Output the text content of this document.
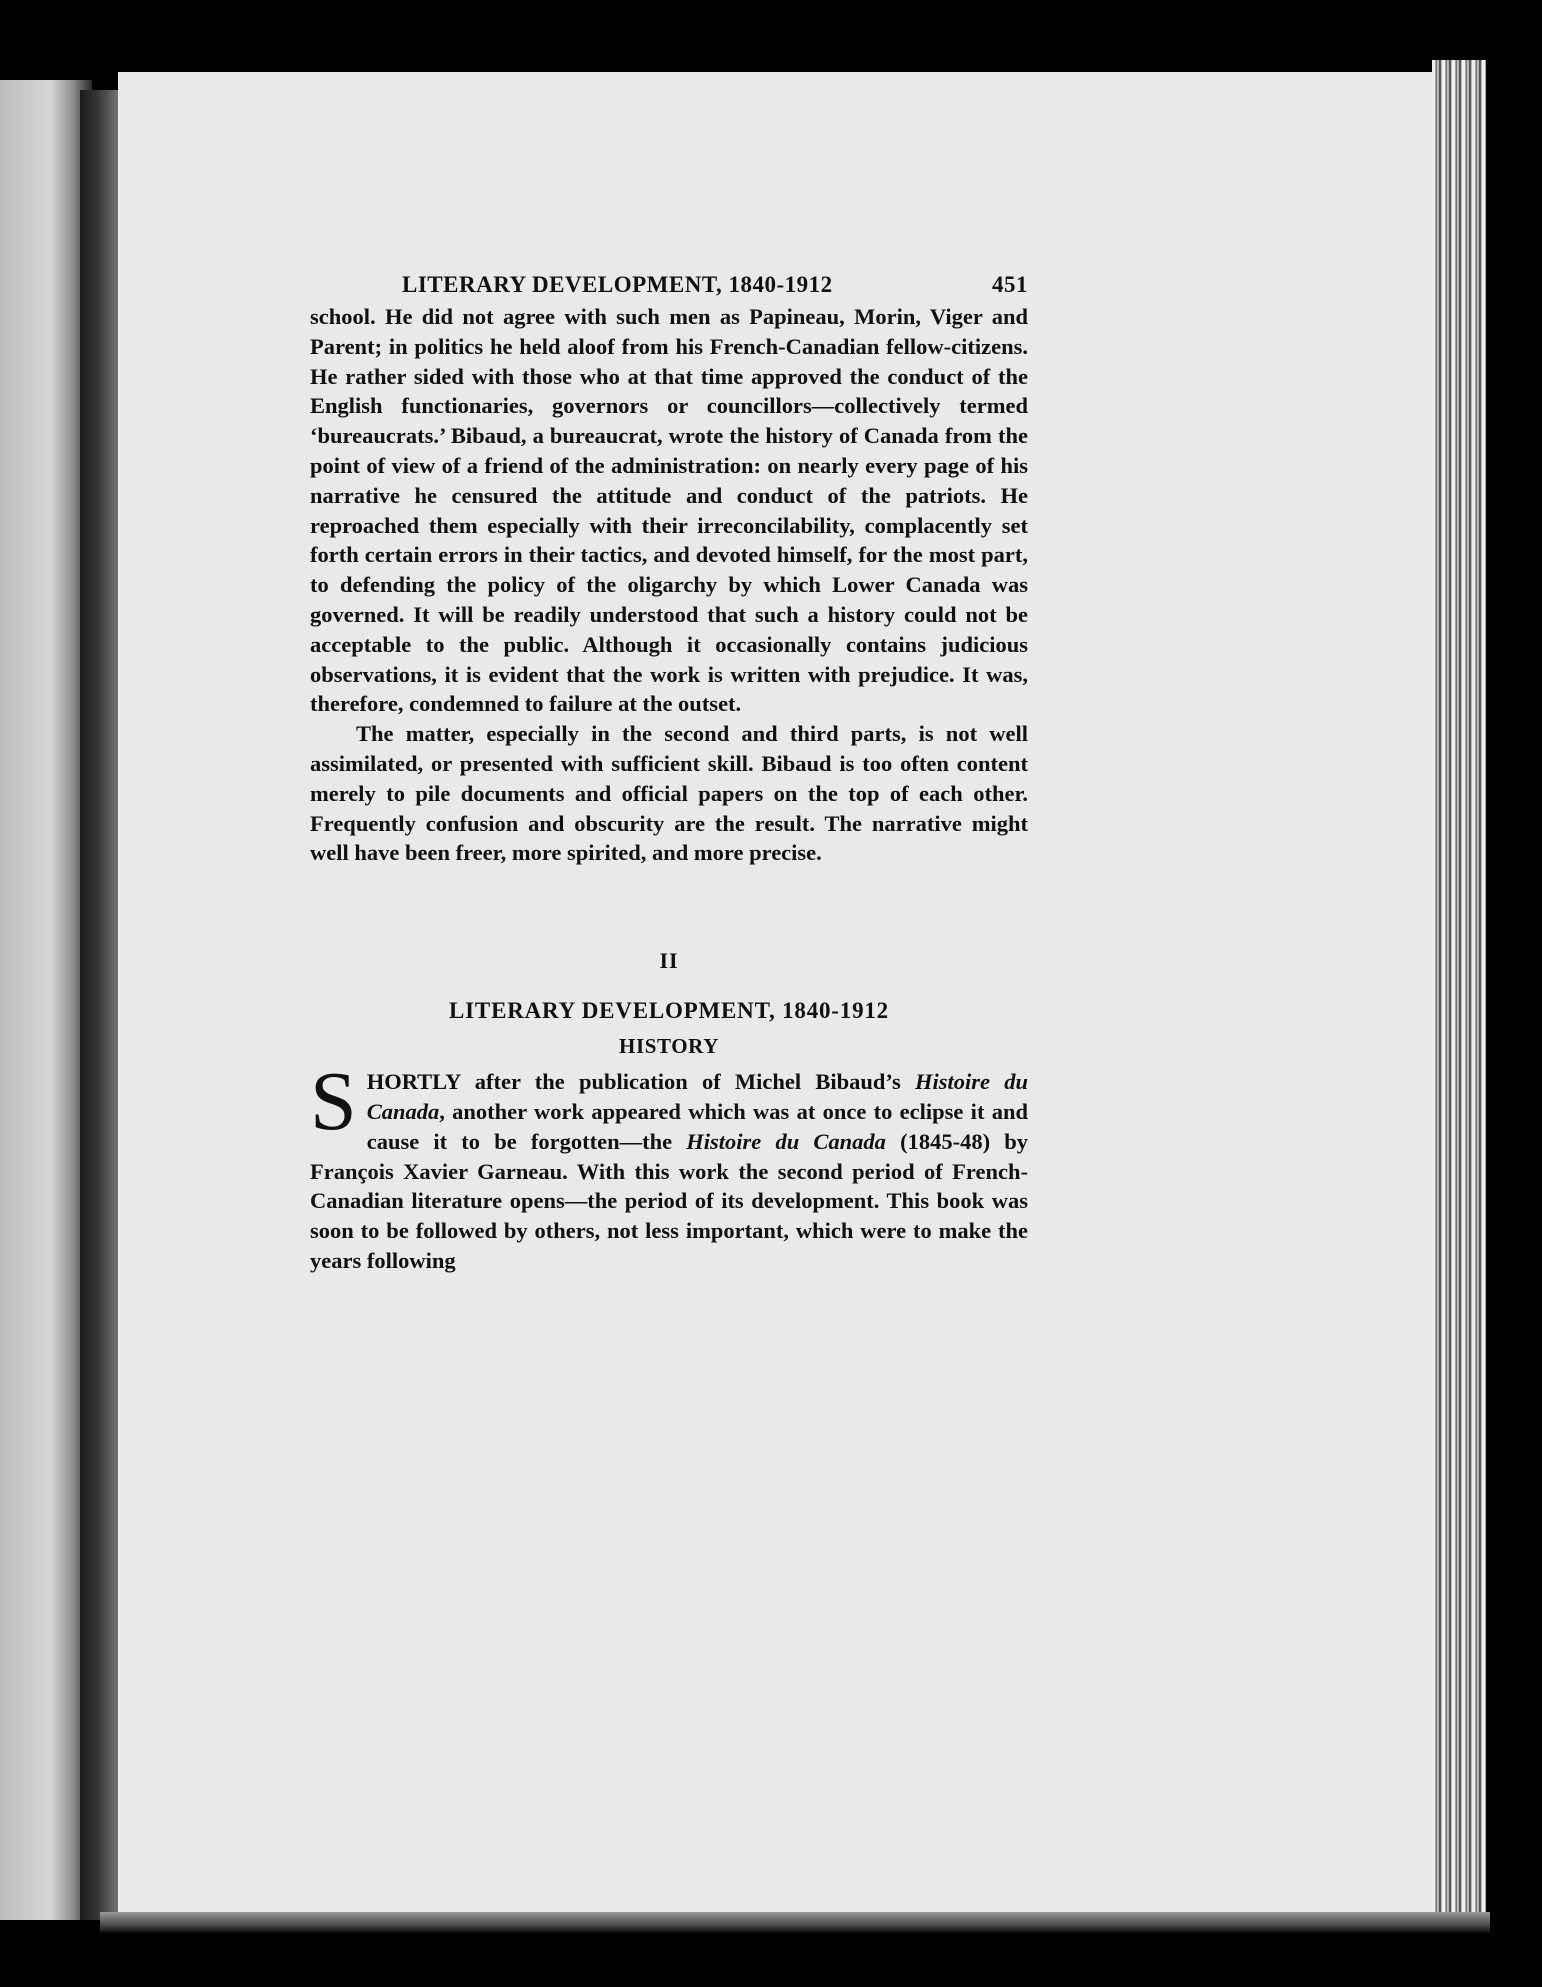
LITERARY DEVELOPMENT, 1840-1912	451

school. He did not agree with such men as Papineau, Morin, Viger and Parent; in politics he held aloof from his French-Canadian fellow-citizens. He rather sided with those who at that time approved the conduct of the English functionaries, governors or councillors—collectively termed ‘bureaucrats.’ Bibaud, a bureaucrat, wrote the history of Canada from the point of view of a friend of the administration: on nearly every page of his narrative he censured the attitude and conduct of the patriots. He reproached them especially with their irreconcilability, complacently set forth certain errors in their tactics, and devoted himself, for the most part, to defending the policy of the oligarchy by which Lower Canada was governed. It will be readily understood that such a history could not be acceptable to the public. Although it occasionally contains judicious observations, it is evident that the work is written with prejudice. It was, therefore, condemned to failure at the outset.

The matter, especially in the second and third parts, is not well assimilated, or presented with sufficient skill. Bibaud is too often content merely to pile documents and official papers on the top of each other. Frequently confusion and obscurity are the result. The narrative might well have been freer, more spirited, and more precise.

II
LITERARY DEVELOPMENT, 1840-1912
HISTORY

SHORTLY after the publication of Michel Bibaud’s Histoire du Canada, another work appeared which was at once to eclipse it and cause it to be forgotten—the Histoire du Canada (1845-48) by François Xavier Garneau. With this work the second period of French-Canadian literature opens—the period of its development. This book was soon to be followed by others, not less important, which were to make the years following
